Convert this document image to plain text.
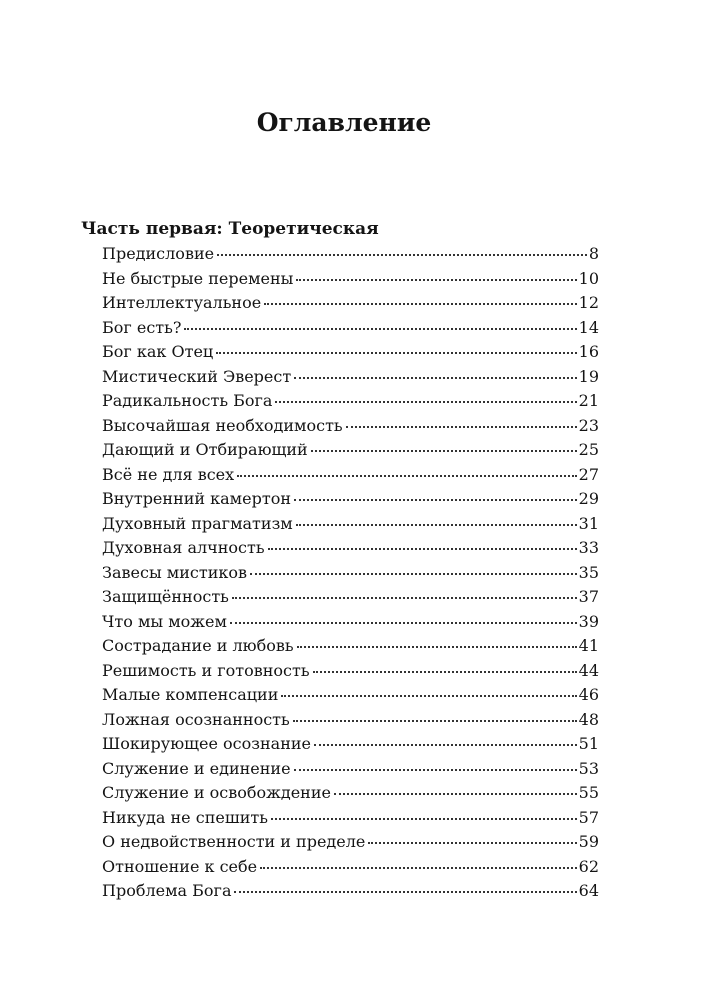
Оглавление
Часть первая: Теоретическая
Предисловие	8
Не быстрые перемены	10
Интеллектуальное	12
Бог есть?	14
Бог как Отец	16
Мистический Эверест	19
Радикальность Бога	21
Высочайшая необходимость	23
Дающий и Отбирающий	25
Всё не для всех	27
Внутренний камертон	29
Духовный прагматизм	31
Духовная алчность	33
Завесы мистиков	35
Защищённость	37
Что мы можем	39
Сострадание и любовь	41
Решимость и готовность	44
Малые компенсации	46
Ложная осознанность	48
Шокирующее осознание	51
Служение и единение	53
Служение и освобождение	55
Никуда не спешить	57
О недвойственности и пределе	59
Отношение к себе	62
Проблема Бога	64
